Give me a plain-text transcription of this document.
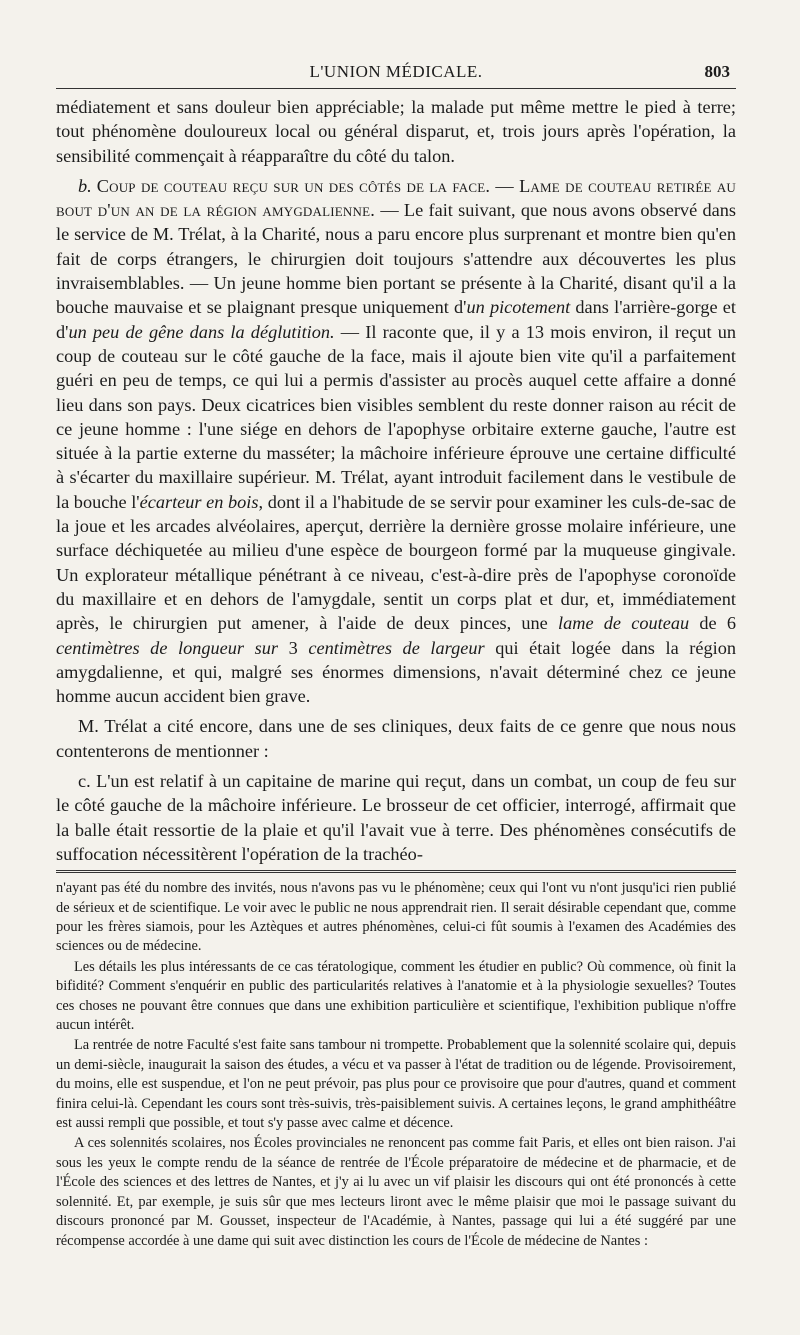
L'UNION MÉDICALE.	803

médiatement et sans douleur bien appréciable; la malade put même mettre le pied à terre; tout phénomène douloureux local ou général disparut, et, trois jours après l'opération, la sensibilité commençait à réapparaître du côté du talon.

b. Coup de couteau reçu sur un des côtés de la face. — Lame de couteau retirée au bout d'un an de la région amygdalienne. — Le fait suivant, que nous avons observé dans le service de M. Trélat, à la Charité, nous a paru encore plus surprenant et montre bien qu'en fait de corps étrangers, le chirurgien doit toujours s'attendre aux découvertes les plus invraisemblables. — Un jeune homme bien portant se présente à la Charité, disant qu'il a la bouche mauvaise et se plaignant presque uniquement d'un picotement dans l'arrière-gorge et d'un peu de gêne dans la déglutition. — Il raconte que, il y a 13 mois environ, il reçut un coup de couteau sur le côté gauche de la face, mais il ajoute bien vite qu'il a parfaitement guéri en peu de temps, ce qui lui a permis d'assister au procès auquel cette affaire a donné lieu dans son pays. Deux cicatrices bien visibles semblent du reste donner raison au récit de ce jeune homme : l'une siége en dehors de l'apophyse orbitaire externe gauche, l'autre est située à la partie externe du masséter; la mâchoire inférieure éprouve une certaine difficulté à s'écarter du maxillaire supérieur. M. Trélat, ayant introduit facilement dans le vestibule de la bouche l'écarteur en bois, dont il a l'habitude de se servir pour examiner les culs-de-sac de la joue et les arcades alvéolaires, aperçut, derrière la dernière grosse molaire inférieure, une surface déchiquetée au milieu d'une espèce de bourgeon formé par la muqueuse gingivale. Un explorateur métallique pénétrant à ce niveau, c'est-à-dire près de l'apophyse coronoïde du maxillaire et en dehors de l'amygdale, sentit un corps plat et dur, et, immédiatement après, le chirurgien put amener, à l'aide de deux pinces, une lame de couteau de 6 centimètres de longueur sur 3 centimètres de largeur qui était logée dans la région amygdalienne, et qui, malgré ses énormes dimensions, n'avait déterminé chez ce jeune homme aucun accident bien grave.

M. Trélat a cité encore, dans une de ses cliniques, deux faits de ce genre que nous nous contenterons de mentionner :

c. L'un est relatif à un capitaine de marine qui reçut, dans un combat, un coup de feu sur le côté gauche de la mâchoire inférieure. Le brosseur de cet officier, interrogé, affirmait que la balle était ressortie de la plaie et qu'il l'avait vue à terre. Des phénomènes consécutifs de suffocation nécessitèrent l'opération de la trachéo-

n'ayant pas été du nombre des invités, nous n'avons pas vu le phénomène; ceux qui l'ont vu n'ont jusqu'ici rien publié de sérieux et de scientifique. Le voir avec le public ne nous apprendrait rien. Il serait désirable cependant que, comme pour les frères siamois, pour les Aztèques et autres phénomènes, celui-ci fût soumis à l'examen des Académies des sciences ou de médecine.

Les détails les plus intéressants de ce cas tératologique, comment les étudier en public? Où commence, où finit la bifidité? Comment s'enquérir en public des particularités relatives à l'anatomie et à la physiologie sexuelles? Toutes ces choses ne pouvant être connues que dans une exhibition particulière et scientifique, l'exhibition publique n'offre aucun intérêt.

La rentrée de notre Faculté s'est faite sans tambour ni trompette. Probablement que la solennité scolaire qui, depuis un demi-siècle, inaugurait la saison des études, a vécu et va passer à l'état de tradition ou de légende. Provisoirement, du moins, elle est suspendue, et l'on ne peut prévoir, pas plus pour ce provisoire que pour d'autres, quand et comment finira celui-là. Cependant les cours sont très-suivis, très-paisiblement suivis. A certaines leçons, le grand amphithéâtre est aussi rempli que possible, et tout s'y passe avec calme et décence.

A ces solennités scolaires, nos Écoles provinciales ne renoncent pas comme fait Paris, et elles ont bien raison. J'ai sous les yeux le compte rendu de la séance de rentrée de l'École préparatoire de médecine et de pharmacie, et de l'École des sciences et des lettres de Nantes, et j'y ai lu avec un vif plaisir les discours qui ont été prononcés à cette solennité. Et, par exemple, je suis sûr que mes lecteurs liront avec le même plaisir que moi le passage suivant du discours prononcé par M. Gousset, inspecteur de l'Académie, à Nantes, passage qui lui a été suggéré par une récompense accordée à une dame qui suit avec distinction les cours de l'École de médecine de Nantes :
